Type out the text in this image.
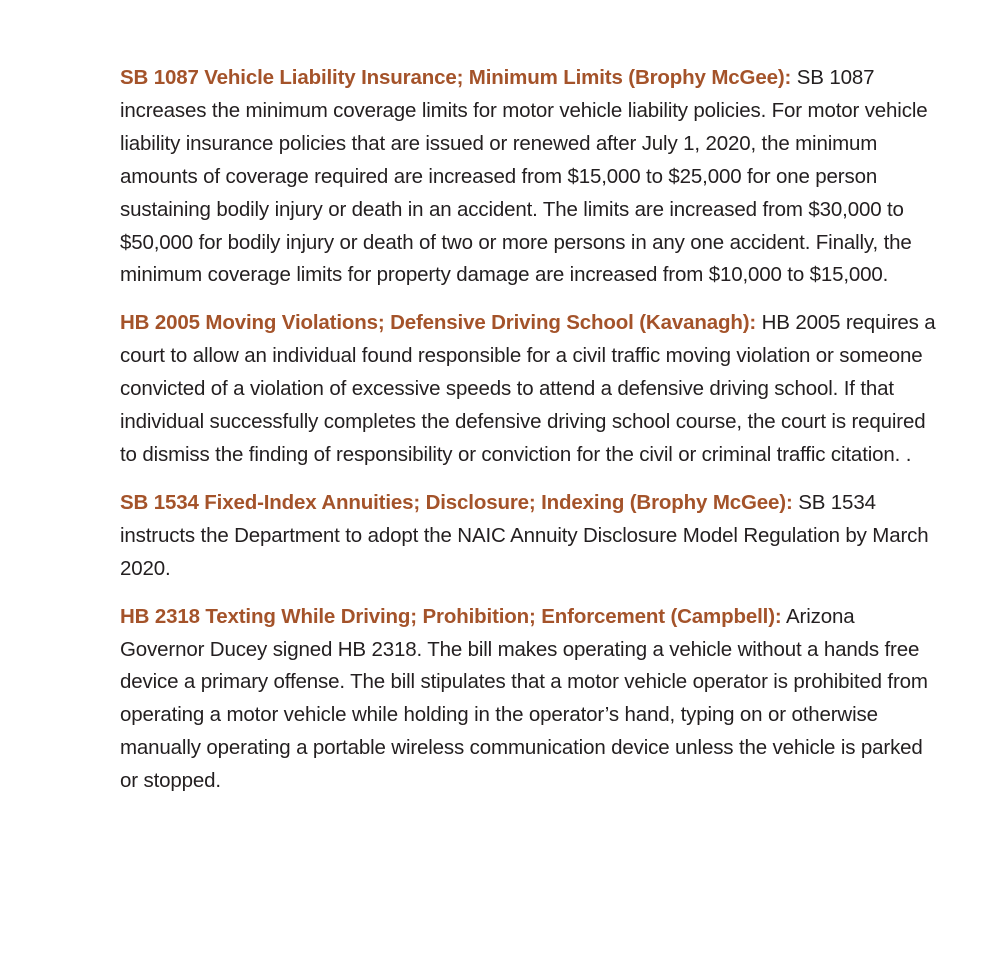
SB 1087 Vehicle Liability Insurance; Minimum Limits (Brophy McGee): SB 1087 increases the minimum coverage limits for motor vehicle liability policies. For motor vehicle liability insurance policies that are issued or renewed after July 1, 2020, the minimum amounts of coverage required are increased from $15,000 to $25,000 for one person sustaining bodily injury or death in an accident. The limits are increased from $30,000 to $50,000 for bodily injury or death of two or more persons in any one accident. Finally, the minimum coverage limits for property damage are increased from $10,000 to $15,000.

HB 2005 Moving Violations; Defensive Driving School (Kavanagh): HB 2005 requires a court to allow an individual found responsible for a civil traffic moving violation or someone convicted of a violation of excessive speeds to attend a defensive driving school. If that individual successfully completes the defensive driving school course, the court is required to dismiss the finding of responsibility or conviction for the civil or criminal traffic citation. .

SB 1534 Fixed-Index Annuities; Disclosure; Indexing (Brophy McGee): SB 1534 instructs the Department to adopt the NAIC Annuity Disclosure Model Regulation by March 2020.

HB 2318 Texting While Driving; Prohibition; Enforcement (Campbell): Arizona Governor Ducey signed HB 2318. The bill makes operating a vehicle without a hands free device a primary offense. The bill stipulates that a motor vehicle operator is prohibited from operating a motor vehicle while holding in the operator’s hand, typing on or otherwise manually operating a portable wireless communication device unless the vehicle is parked or stopped.
